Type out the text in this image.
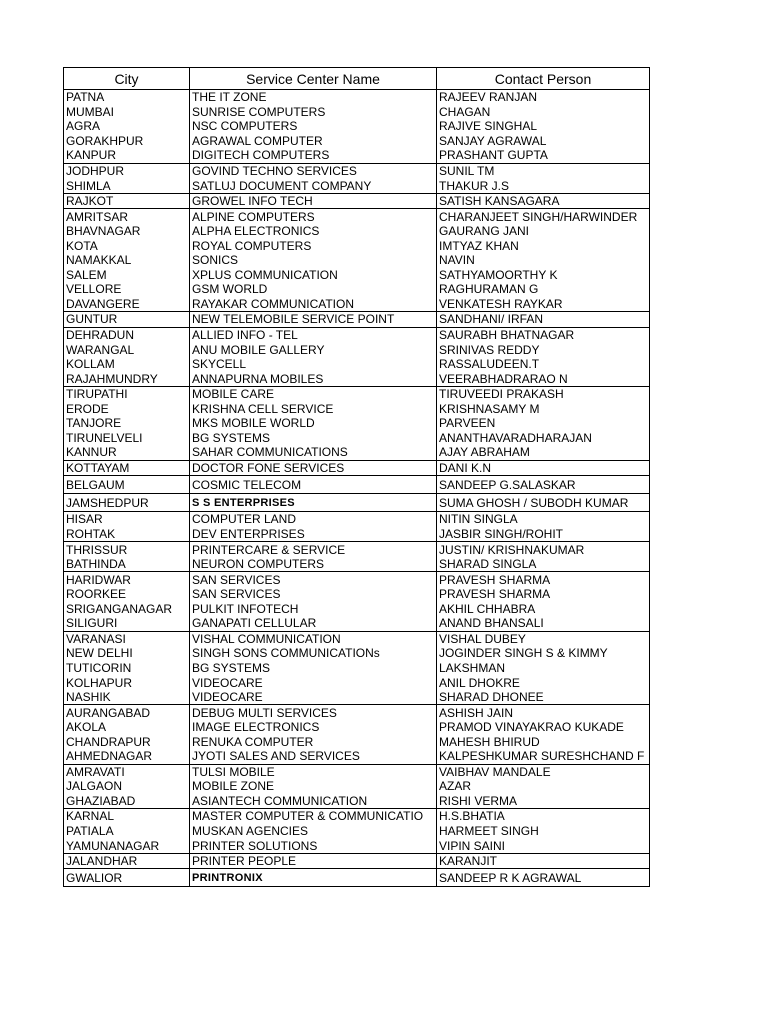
City	Service Center Name	Contact Person
PATNA	THE IT ZONE	RAJEEV RANJAN
MUMBAI	SUNRISE COMPUTERS	CHAGAN
AGRA	NSC COMPUTERS	RAJIVE SINGHAL
GORAKHPUR	AGRAWAL COMPUTER	SANJAY AGRAWAL
KANPUR	DIGITECH COMPUTERS	PRASHANT GUPTA
JODHPUR	GOVIND TECHNO SERVICES	SUNIL TM
SHIMLA	SATLUJ DOCUMENT COMPANY	THAKUR J.S
RAJKOT	GROWEL INFO TECH	SATISH KANSAGARA
AMRITSAR	ALPINE COMPUTERS	CHARANJEET SINGH/HARWINDER
BHAVNAGAR	ALPHA ELECTRONICS	GAURANG JANI
KOTA	ROYAL COMPUTERS	IMTYAZ KHAN
NAMAKKAL	SONICS	NAVIN
SALEM	XPLUS COMMUNICATION	SATHYAMOORTHY K
VELLORE	GSM WORLD	RAGHURAMAN G
DAVANGERE	RAYAKAR COMMUNICATION	VENKATESH RAYKAR
GUNTUR	NEW TELEMOBILE SERVICE POINT	SANDHANI/ IRFAN
DEHRADUN	ALLIED INFO - TEL	SAURABH BHATNAGAR
WARANGAL	ANU MOBILE GALLERY	SRINIVAS REDDY
KOLLAM	SKYCELL	RASSALUDEEN.T
RAJAHMUNDRY	ANNAPURNA MOBILES	VEERABHADRARAO N
TIRUPATHI	MOBILE CARE	TIRUVEEDI PRAKASH
ERODE	KRISHNA CELL SERVICE	KRISHNASAMY M
TANJORE	MKS MOBILE WORLD	PARVEEN
TIRUNELVELI	BG SYSTEMS	ANANTHAVARADHARAJAN
KANNUR	SAHAR COMMUNICATIONS	AJAY ABRAHAM
KOTTAYAM	DOCTOR FONE SERVICES	DANI K.N
BELGAUM	COSMIC TELECOM	SANDEEP G.SALASKAR
JAMSHEDPUR	S S ENTERPRISES	SUMA GHOSH / SUBODH KUMAR
HISAR	COMPUTER LAND	NITIN SINGLA
ROHTAK	DEV ENTERPRISES	JASBIR SINGH/ROHIT
THRISSUR	PRINTERCARE & SERVICE	JUSTIN/ KRISHNAKUMAR
BATHINDA	NEURON COMPUTERS	SHARAD SINGLA
HARIDWAR	SAN SERVICES	PRAVESH SHARMA
ROORKEE	SAN SERVICES	PRAVESH SHARMA
SRIGANGANAGAR	PULKIT INFOTECH	AKHIL CHHABRA
SILIGURI	GANAPATI CELLULAR	ANAND BHANSALI
VARANASI	VISHAL COMMUNICATION	VISHAL DUBEY
NEW DELHI	SINGH SONS COMMUNICATIONs	JOGINDER SINGH S & KIMMY
TUTICORIN	BG SYSTEMS	LAKSHMAN
KOLHAPUR	VIDEOCARE	ANIL DHOKRE
NASHIK	VIDEOCARE	SHARAD DHONEE
AURANGABAD	DEBUG MULTI SERVICES	ASHISH JAIN
AKOLA	IMAGE ELECTRONICS	PRAMOD VINAYAKRAO KUKADE
CHANDRAPUR	RENUKA COMPUTER	MAHESH BHIRUD
AHMEDNAGAR	JYOTI SALES AND SERVICES	KALPESHKUMAR SURESHCHAND F
AMRAVATI	TULSI MOBILE	VAIBHAV MANDALE
JALGAON	MOBILE ZONE	AZAR
GHAZIABAD	ASIANTECH COMMUNICATION	RISHI VERMA
KARNAL	MASTER COMPUTER & COMMUNICATIO	H.S.BHATIA
PATIALA	MUSKAN AGENCIES	HARMEET SINGH
YAMUNANAGAR	PRINTER SOLUTIONS	VIPIN SAINI
JALANDHAR	PRINTER PEOPLE	KARANJIT
GWALIOR	PRINTRONIX	SANDEEP R K AGRAWAL
